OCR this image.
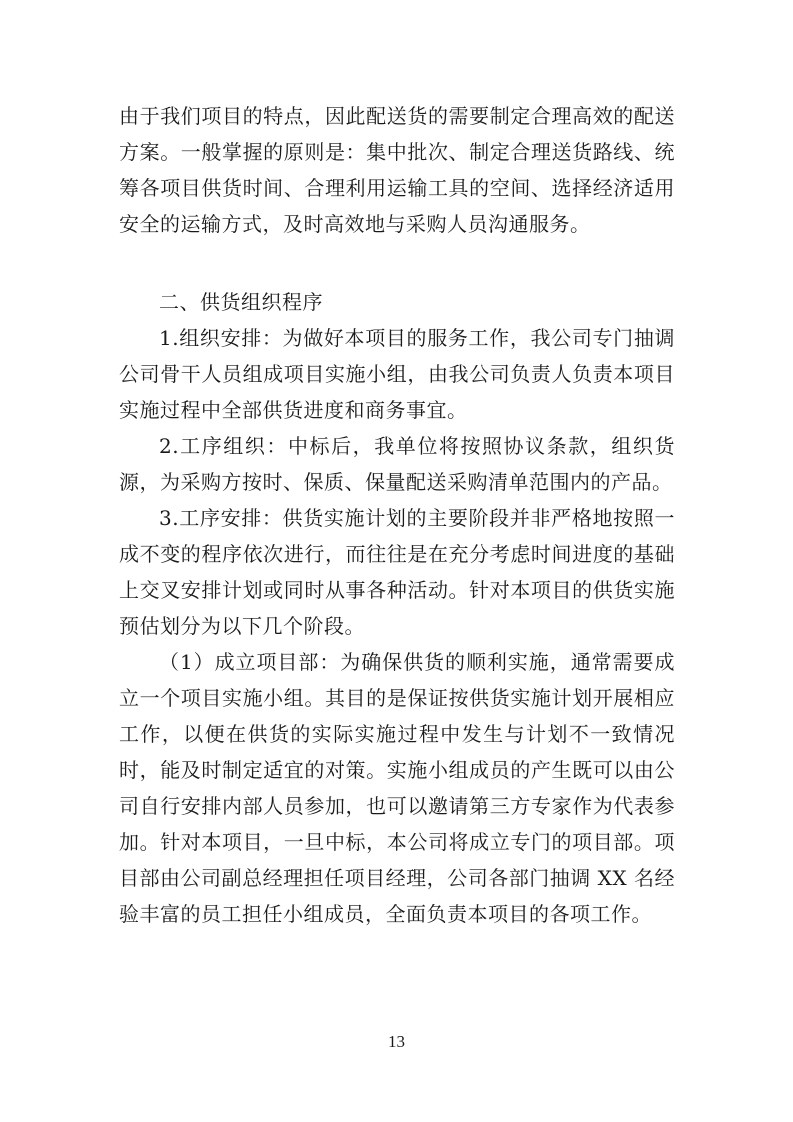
由于我们项目的特点，因此配送货的需要制定合理高效的配送方案。一般掌握的原则是：集中批次、制定合理送货路线、统筹各项目供货时间、合理利用运输工具的空间、选择经济适用安全的运输方式，及时高效地与采购人员沟通服务。

二、供货组织程序

1.组织安排：为做好本项目的服务工作，我公司专门抽调公司骨干人员组成项目实施小组，由我公司负责人负责本项目实施过程中全部供货进度和商务事宜。

2.工序组织：中标后，我单位将按照协议条款，组织货源，为采购方按时、保质、保量配送采购清单范围内的产品。

3.工序安排：供货实施计划的主要阶段并非严格地按照一成不变的程序依次进行，而往往是在充分考虑时间进度的基础上交叉安排计划或同时从事各种活动。针对本项目的供货实施预估划分为以下几个阶段。

（1）成立项目部：为确保供货的顺利实施，通常需要成立一个项目实施小组。其目的是保证按供货实施计划开展相应工作，以便在供货的实际实施过程中发生与计划不一致情况时，能及时制定适宜的对策。实施小组成员的产生既可以由公司自行安排内部人员参加，也可以邀请第三方专家作为代表参加。针对本项目，一旦中标，本公司将成立专门的项目部。项目部由公司副总经理担任项目经理，公司各部门抽调 XX 名经验丰富的员工担任小组成员，全面负责本项目的各项工作。

13
